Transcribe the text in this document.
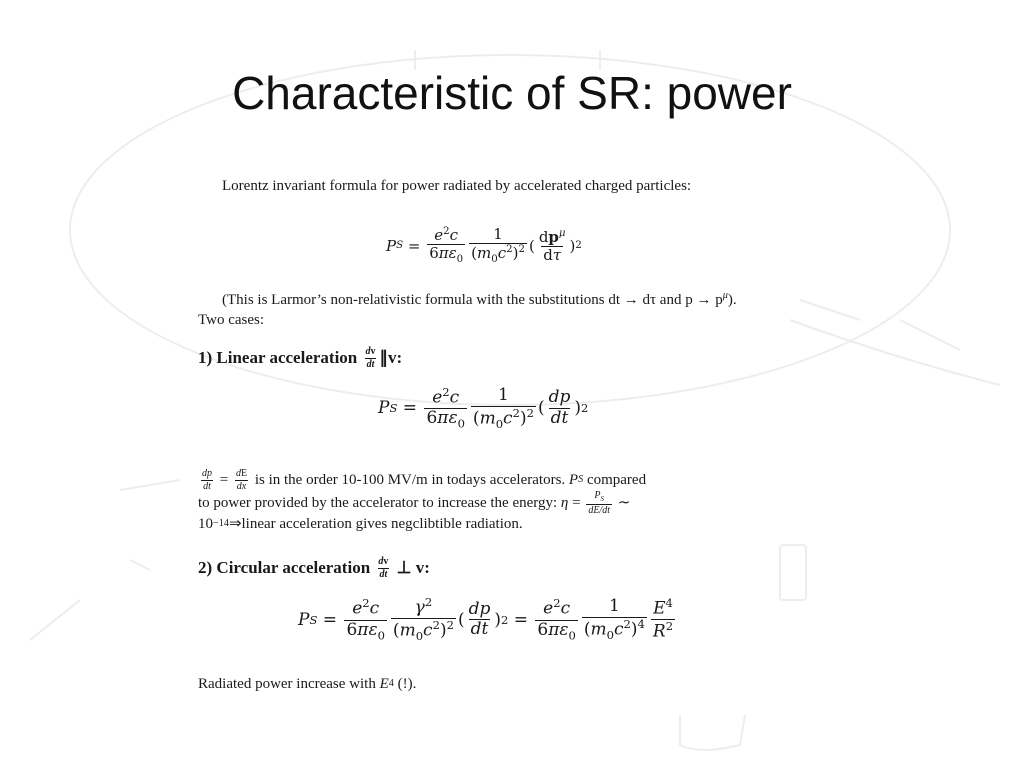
Characteristic of SR: power
Lorentz invariant formula for power radiated by accelerated charged particles:
P $S = \frac{e^2c}{6\pi\varepsilon_0} \frac{1}{(m_0c^2)^2}$ ( $\frac{dp^\mu}{d\tau}$ ) 2
(This is Larmor’s non-relativistic formula with the substitutions dt → dτ and $p \to p^\mu$). Two cases:
1) Linear acceleration
$\frac{dv}{dt}$ ∥v:
P $S = \frac{e^2c}{6\pi\varepsilon_0} \frac{1}{(m_0c^2)^2}$ ( $\frac{dp}{dt}$ ) 2
$\frac{dp}{dt} = \frac{dE}{dx}$
is in the order 10-100 MV/m in todays accelerators.
P S
compared
to power provided by the accelerator to increase the energy:
$\eta = \frac{P_S}{dE/dt}$ ∼
10 −14 ⇒linear acceleration gives negclibtible radiation.
2) Circular acceleration
$\frac{dv}{dt}$
⊥ v:
P $S = \frac{e^2c}{6\pi\varepsilon_0} \frac{\gamma^2}{(m_0c^2)^2}$ ( $\frac{dp}{dt}$ ) $2 = \frac{e^2c}{6\pi\varepsilon_0} \frac{1}{(m_0c^2)^4} \frac{E^4}{R^2}$
Radiated power increase with
E 4
(!).
